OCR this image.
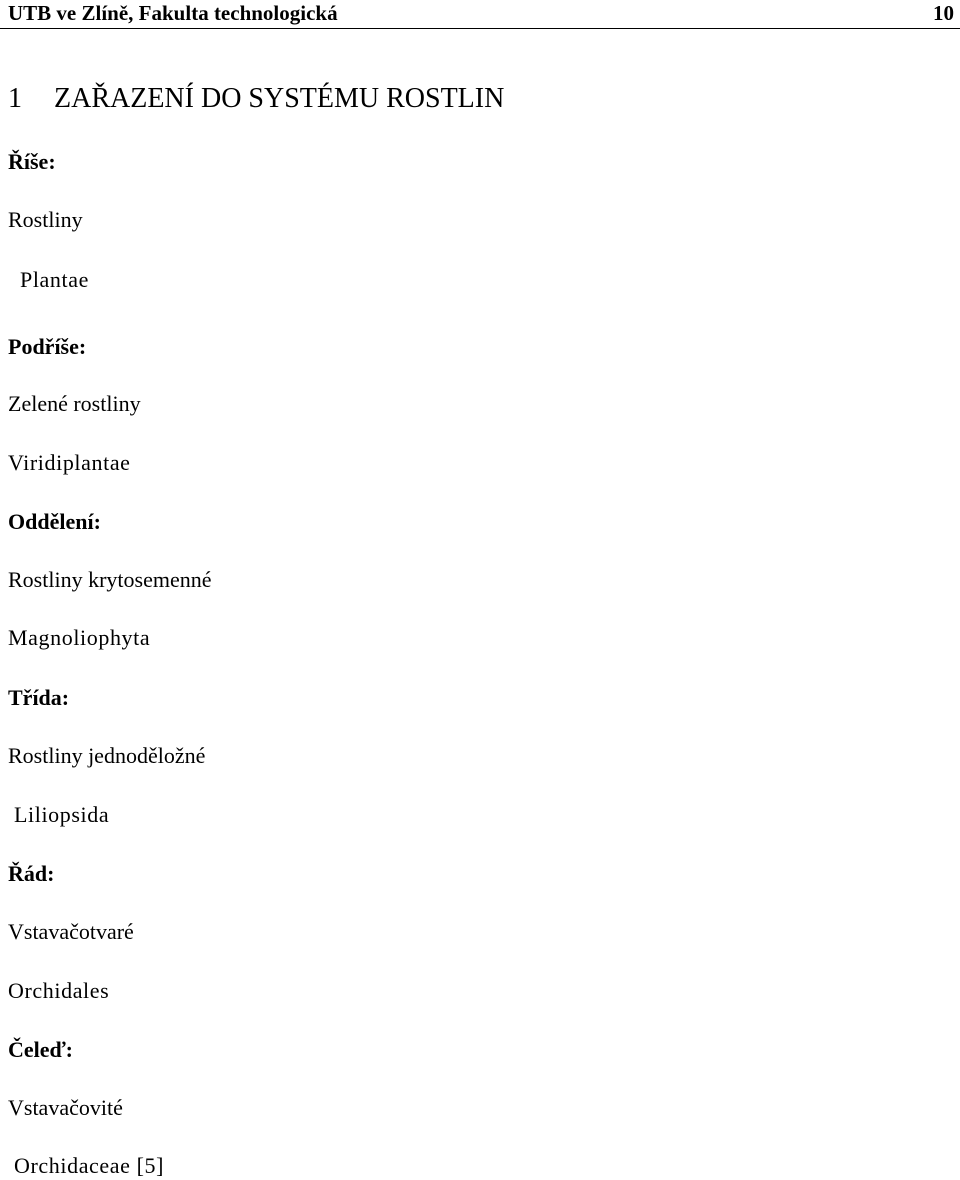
UTB ve Zlíně, Fakulta technologická	10
1 ZAŘAZENÍ DO SYSTÉMU ROSTLIN
Říše:
Rostliny
Plantae
Podříše:
Zelené rostliny
Viridiplantae
Oddělení:
Rostliny krytosemenné
Magnoliophyta
Třída:
Rostliny jednoděložné
Liliopsida
Řád:
Vstavačotvaré
Orchidales
Čeleď:
Vstavačovité
Orchidaceae [5]
